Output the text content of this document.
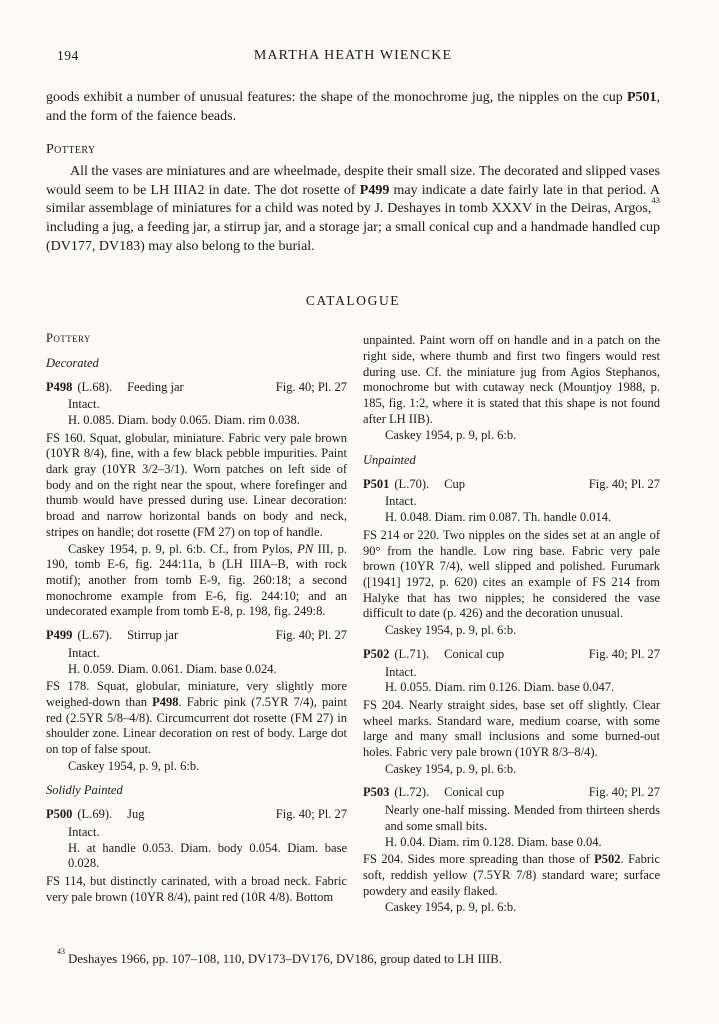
194	MARTHA HEATH WIENCKE

goods exhibit a number of unusual features: the shape of the monochrome jug, the nipples on the cup P501, and the form of the faience beads.

Pottery

All the vases are miniatures and are wheelmade, despite their small size. The decorated and slipped vases would seem to be LH IIIA2 in date. The dot rosette of P499 may indicate a date fairly late in that period. A similar assemblage of miniatures for a child was noted by J. Deshayes in tomb XXXV in the Deiras, Argos,$^{43}$ including a jug, a feeding jar, a stirrup jar, and a storage jar; a small conical cup and a handmade handled cup (DV177, DV183) may also belong to the burial.

CATALOGUE
Pottery
Decorated
P498 (L.68). Feeding jar	Fig. 40; Pl. 27
Intact.
H. 0.085. Diam. body 0.065. Diam. rim 0.038.
FS 160. Squat, globular, miniature. Fabric very pale brown (10YR 8/4), fine, with a few black pebble impurities. Paint dark gray (10YR 3/2–3/1). Worn patches on left side of body and on the right near the spout, where forefinger and thumb would have pressed during use. Linear decoration: broad and narrow horizontal bands on body and neck, stripes on handle; dot rosette (FM 27) on top of handle.
Caskey 1954, p. 9, pl. 6:b. Cf., from Pylos, PN III, p. 190, tomb E-6, fig. 244:11a, b (LH IIIA–B, with rock motif); another from tomb E-9, fig. 260:18; a second monochrome example from E-6, fig. 244:10; and an undecorated example from tomb E-8, p. 198, fig. 249:8.
P499 (L.67). Stirrup jar	Fig. 40; Pl. 27
Intact.
H. 0.059. Diam. 0.061. Diam. base 0.024.
FS 178. Squat, globular, miniature, very slightly more weighed-down than P498. Fabric pink (7.5YR 7/4), paint red (2.5YR 5/8–4/8). Circumcurrent dot rosette (FM 27) in shoulder zone. Linear decoration on rest of body. Large dot on top of false spout.
Caskey 1954, p. 9, pl. 6:b.
Solidly Painted
P500 (L.69). Jug	Fig. 40; Pl. 27
Intact.
H. at handle 0.053. Diam. body 0.054. Diam. base 0.028.
FS 114, but distinctly carinated, with a broad neck. Fabric very pale brown (10YR 8/4), paint red (10R 4/8). Bottom
unpainted. Paint worn off on handle and in a patch on the right side, where thumb and first two fingers would rest during use. Cf. the miniature jug from Agios Stephanos, monochrome but with cutaway neck (Mountjoy 1988, p. 185, fig. 1:2, where it is stated that this shape is not found after LH IIB).
Caskey 1954, p. 9, pl. 6:b.
Unpainted
P501 (L.70). Cup	Fig. 40; Pl. 27
Intact.
H. 0.048. Diam. rim 0.087. Th. handle 0.014.
FS 214 or 220. Two nipples on the sides set at an angle of 90° from the handle. Low ring base. Fabric very pale brown (10YR 7/4), well slipped and polished. Furumark ([1941] 1972, p. 620) cites an example of FS 214 from Halyke that has two nipples; he considered the vase difficult to date (p. 426) and the decoration unusual.
Caskey 1954, p. 9, pl. 6:b.
P502 (L.71). Conical cup	Fig. 40; Pl. 27
Intact.
H. 0.055. Diam. rim 0.126. Diam. base 0.047.
FS 204. Nearly straight sides, base set off slightly. Clear wheel marks. Standard ware, medium coarse, with some large and many small inclusions and some burned-out holes. Fabric very pale brown (10YR 8/3–8/4).
Caskey 1954, p. 9, pl. 6:b.
P503 (L.72). Conical cup	Fig. 40; Pl. 27
Nearly one-half missing. Mended from thirteen sherds and some small bits.
H. 0.04. Diam. rim 0.128. Diam. base 0.04.
FS 204. Sides more spreading than those of P502. Fabric soft, reddish yellow (7.5YR 7/8) standard ware; surface powdery and easily flaked.
Caskey 1954, p. 9, pl. 6:b.
$^{43}$ Deshayes 1966, pp. 107–108, 110, DV173–DV176, DV186, group dated to LH IIIB.
